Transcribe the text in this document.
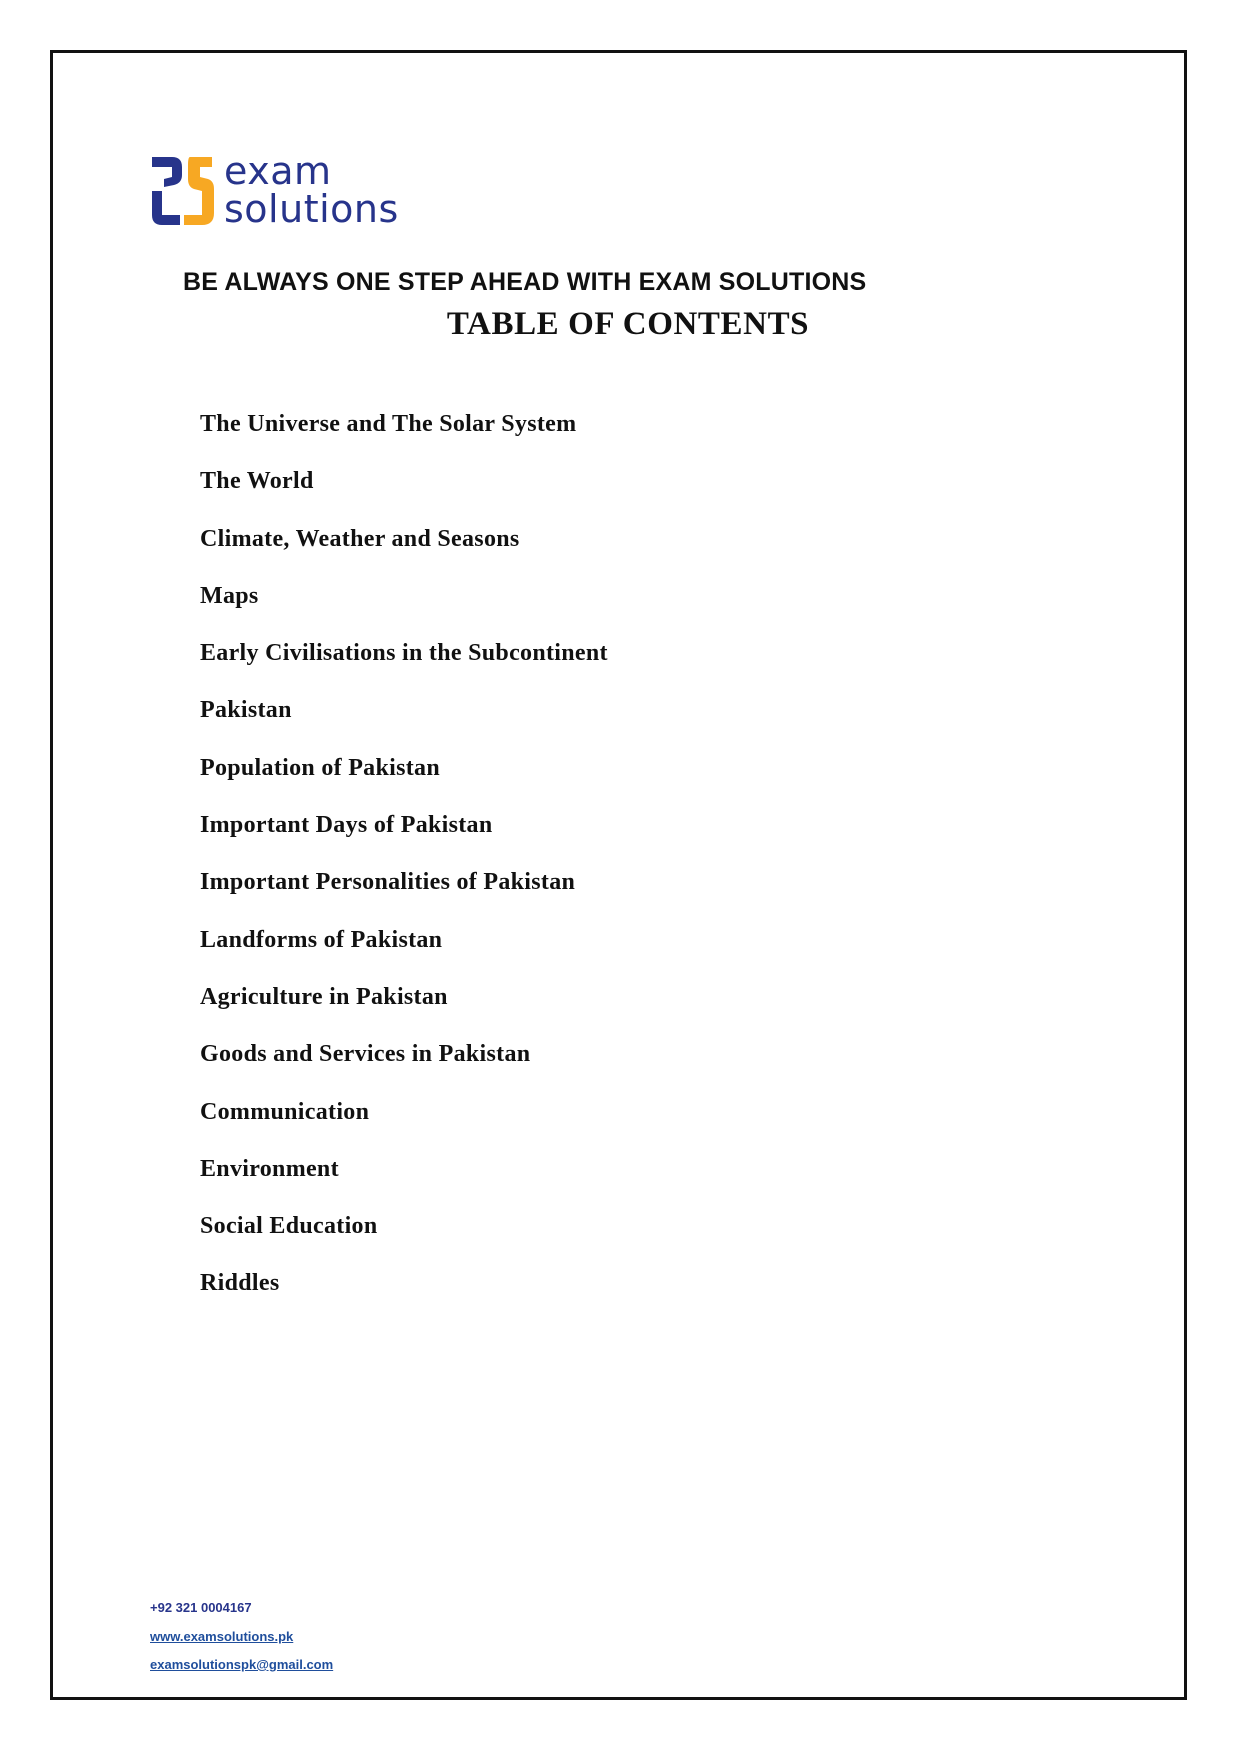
exam
solutions
BE ALWAYS ONE STEP AHEAD WITH EXAM SOLUTIONS
TABLE OF CONTENTS
The Universe and The Solar System
The World
Climate, Weather and Seasons
Maps
Early Civilisations in the Subcontinent
Pakistan
Population of Pakistan
Important Days of Pakistan
Important Personalities of Pakistan
Landforms of Pakistan
Agriculture in Pakistan
Goods and Services in Pakistan
Communication
Environment
Social Education
Riddles
+92 321 0004167
www.examsolutions.pk
examsolutionspk@gmail.com
